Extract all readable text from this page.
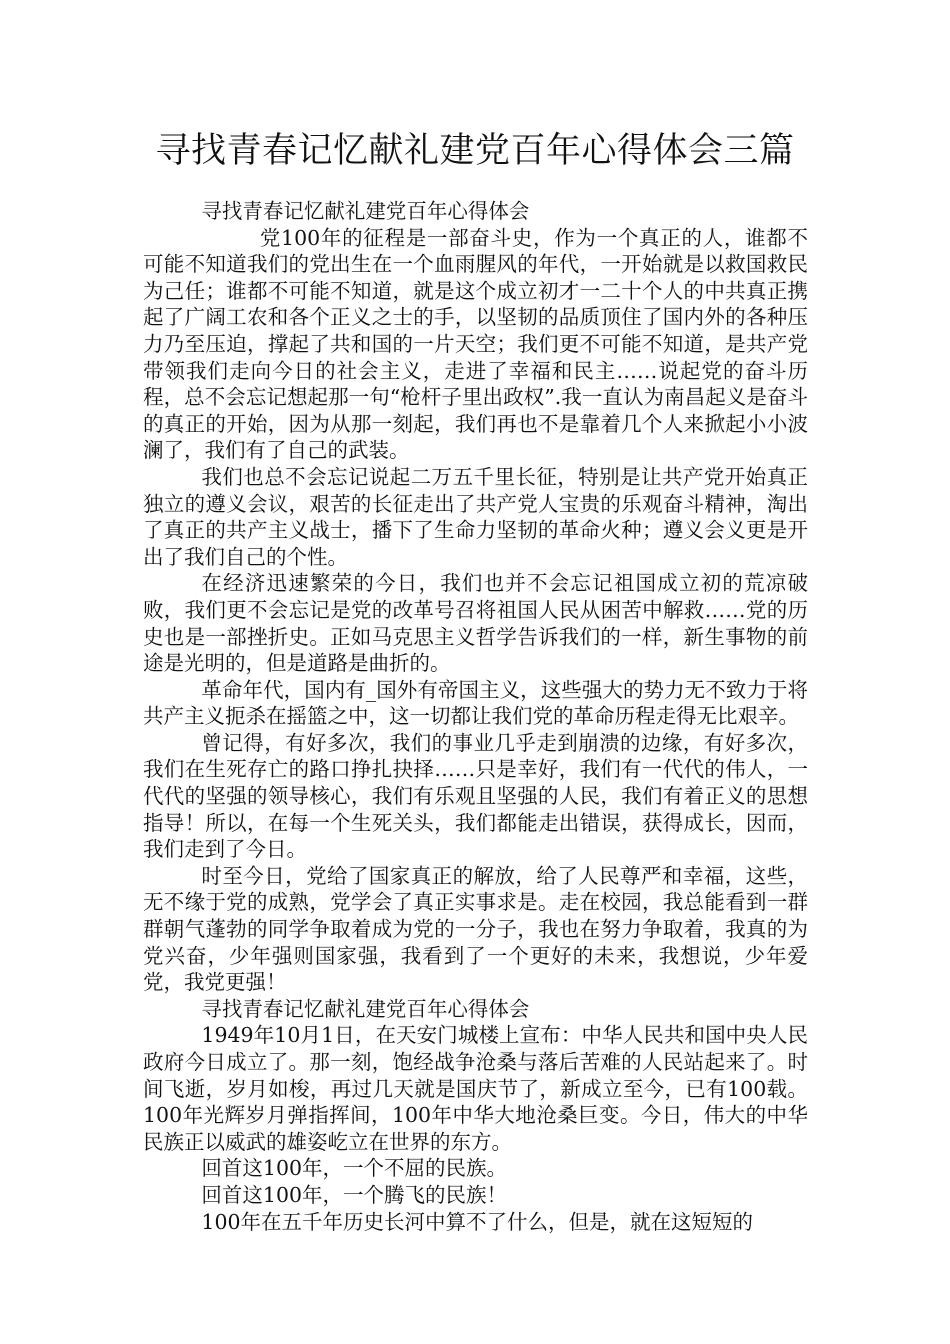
寻找青春记忆献礼建党百年心得体会三篇

寻找青春记忆献礼建党百年心得体会

党100年的征程是一部奋斗史，作为一个真正的人，谁都不可能不知道我们的党出生在一个血雨腥风的年代，一开始就是以救国救民为己任；谁都不可能不知道，就是这个成立初才一二十个人的中共真正携起了广阔工农和各个正义之士的手，以坚韧的品质顶住了国内外的各种压力乃至压迫，撑起了共和国的一片天空；我们更不可能不知道，是共产党带领我们走向今日的社会主义，走进了幸福和民主……说起党的奋斗历程，总不会忘记想起那一句“枪杆子里出政权”.我一直认为南昌起义是奋斗的真正的开始，因为从那一刻起，我们再也不是靠着几个人来掀起小小波澜了，我们有了自己的武装。

我们也总不会忘记说起二万五千里长征，特别是让共产党开始真正独立的遵义会议，艰苦的长征走出了共产党人宝贵的乐观奋斗精神，淘出了真正的共产主义战士，播下了生命力坚韧的革命火种；遵义会义更是开出了我们自己的个性。

在经济迅速繁荣的今日，我们也并不会忘记祖国成立初的荒凉破败，我们更不会忘记是党的改革号召将祖国人民从困苦中解救……党的历史也是一部挫折史。正如马克思主义哲学告诉我们的一样，新生事物的前途是光明的，但是道路是曲折的。

革命年代，国内有_国外有帝国主义，这些强大的势力无不致力于将共产主义扼杀在摇篮之中，这一切都让我们党的革命历程走得无比艰辛。

曾记得，有好多次，我们的事业几乎走到崩溃的边缘，有好多次，我们在生死存亡的路口挣扎抉择……只是幸好，我们有一代代的伟人，一代代的坚强的领导核心，我们有乐观且坚强的人民，我们有着正义的思想指导！所以，在每一个生死关头，我们都能走出错误，获得成长，因而，我们走到了今日。

时至今日，党给了国家真正的解放，给了人民尊严和幸福，这些，无不缘于党的成熟，党学会了真正实事求是。走在校园，我总能看到一群群朝气蓬勃的同学争取着成为党的一分子，我也在努力争取着，我真的为党兴奋，少年强则国家强，我看到了一个更好的未来，我想说，少年爱党，我党更强！

寻找青春记忆献礼建党百年心得体会

1949年10月1日，在天安门城楼上宣布：中华人民共和国中央人民政府今日成立了。那一刻，饱经战争沧桑与落后苦难的人民站起来了。时间飞逝，岁月如梭，再过几天就是国庆节了，新成立至今，已有100载。100年光辉岁月弹指挥间，100年中华大地沧桑巨变。今日，伟大的中华民族正以威武的雄姿屹立在世界的东方。

回首这100年，一个不屈的民族。

回首这100年，一个腾飞的民族！

100年在五千年历史长河中算不了什么，但是，就在这短短的
